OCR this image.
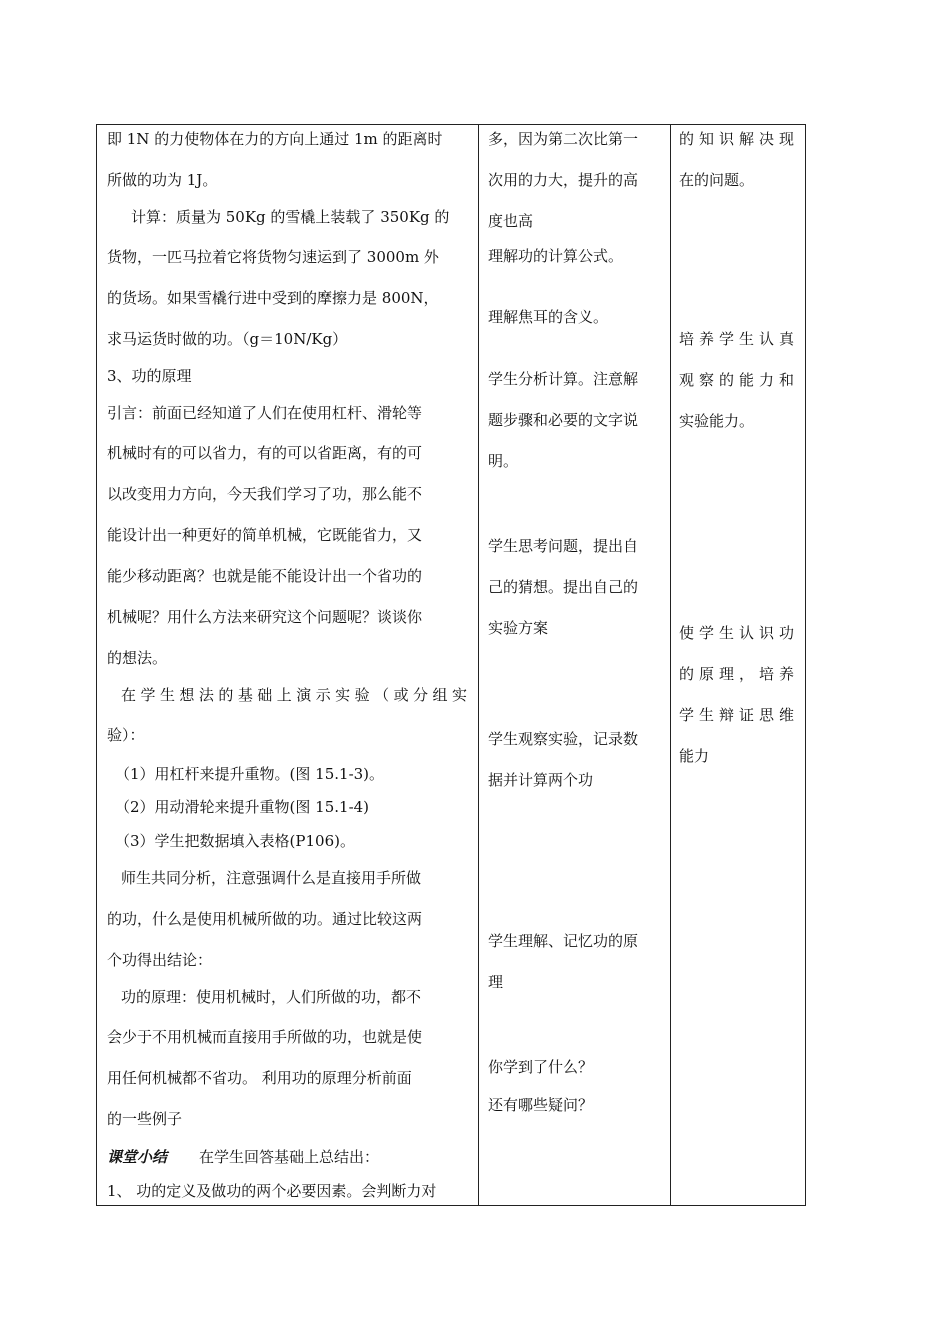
即 1N 的力使物体在力的方向上通过 1m 的距离时
所做的功为 1J。
计算：质量为 50Kg 的雪橇上装载了 350Kg 的
货物，一匹马拉着它将货物匀速运到了 3000m 外
的货场。如果雪橇行进中受到的摩擦力是 800N，
求马运货时做的功。（g＝10N/Kg）
3、功的原理
引言：前面已经知道了人们在使用杠杆、滑轮等
机械时有的可以省力，有的可以省距离，有的可
以改变用力方向，今天我们学习了功，那么能不
能设计出一种更好的简单机械，它既能省力，又
能少移动距离？也就是能不能设计出一个省功的
机械呢？用什么方法来研究这个问题呢？谈谈你
的想法。
在学生想法的基础上演示实验（或分组实
验）：
（1）用杠杆来提升重物。(图 15.1-3)。
（2）用动滑轮来提升重物(图 15.1-4)
（3）学生把数据填入表格(P106)。
师生共同分析，注意强调什么是直接用手所做
的功，什么是使用机械所做的功。通过比较这两
个功得出结论：
功的原理：使用机械时，人们所做的功，都不
会少于不用机械而直接用手所做的功，也就是使
用任何机械都不省功。 利用功的原理分析前面
的一些例子
课堂小结 在学生回答基础上总结出：
1、 功的定义及做功的两个必要因素。会判断力对
多，因为第二次比第一
次用的力大，提升的高
度也高
理解功的计算公式。
理解焦耳的含义。
学生分析计算。注意解
题步骤和必要的文字说
明。
学生思考问题，提出自
己的猜想。提出自己的
实验方案
学生观察实验，记录数
据并计算两个功
学生理解、记忆功的原
理
你学到了什么？
还有哪些疑问？
的知识解决现
在的问题。
培养学生认真
观察的能力和
实验能力。
使学生认识功
的原理，培养
学生辩证思维
能力
